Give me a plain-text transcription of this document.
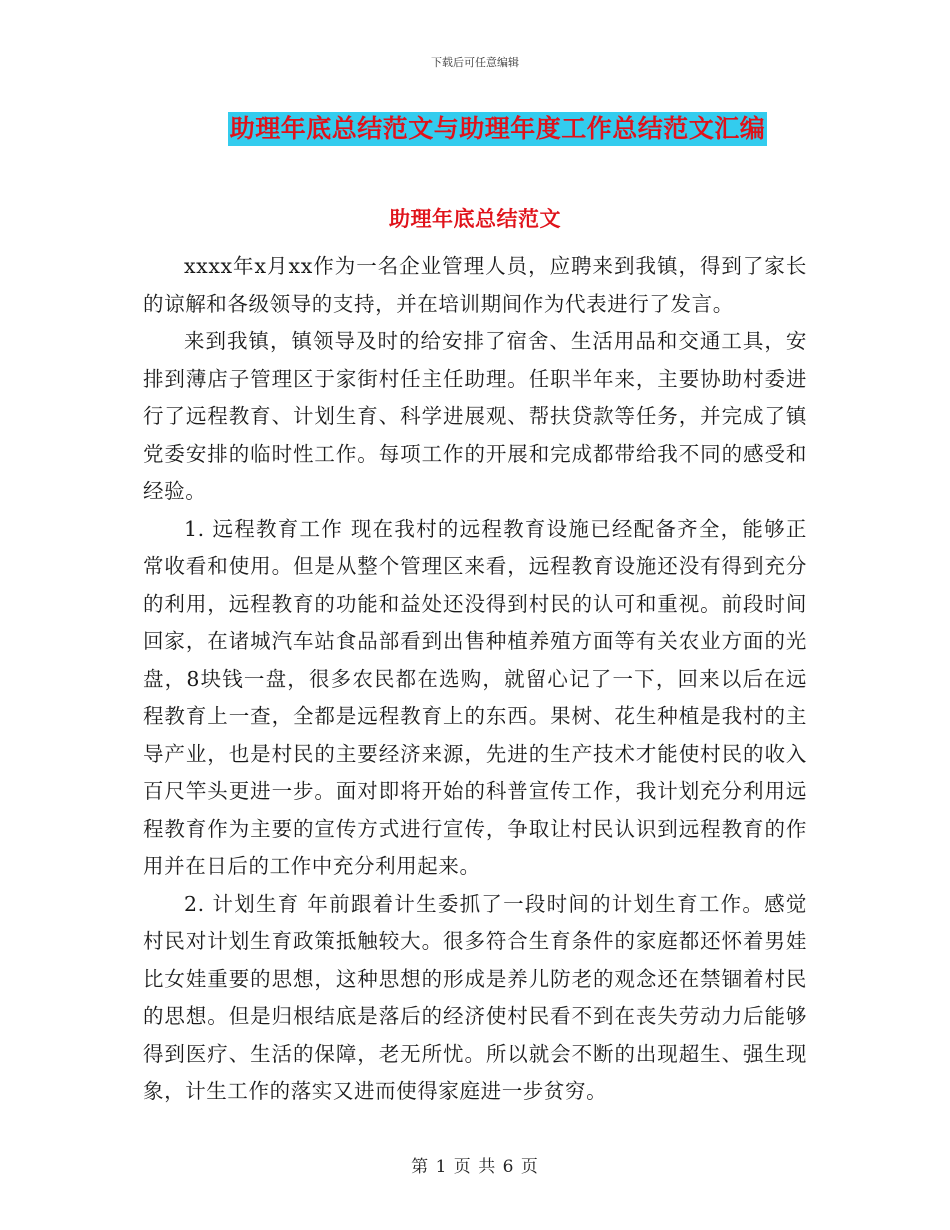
下载后可任意编辑
助理年底总结范文与助理年度工作总结范文汇编
助理年底总结范文

xxxx年x月xx作为一名企业管理人员，应聘来到我镇，得到了家长的谅解和各级领导的支持，并在培训期间作为代表进行了发言。

来到我镇，镇领导及时的给安排了宿舍、生活用品和交通工具，安排到薄店子管理区于家街村任主任助理。任职半年来，主要协助村委进行了远程教育、计划生育、科学进展观、帮扶贷款等任务，并完成了镇党委安排的临时性工作。每项工作的开展和完成都带给我不同的感受和经验。

1. 远程教育工作 现在我村的远程教育设施已经配备齐全，能够正常收看和使用。但是从整个管理区来看，远程教育设施还没有得到充分的利用，远程教育的功能和益处还没得到村民的认可和重视。前段时间回家，在诸城汽车站食品部看到出售种植养殖方面等有关农业方面的光盘，8块钱一盘，很多农民都在选购，就留心记了一下，回来以后在远程教育上一查，全都是远程教育上的东西。果树、花生种植是我村的主导产业，也是村民的主要经济来源，先进的生产技术才能使村民的收入百尺竿头更进一步。面对即将开始的科普宣传工作，我计划充分利用远程教育作为主要的宣传方式进行宣传，争取让村民认识到远程教育的作用并在日后的工作中充分利用起来。

2. 计划生育 年前跟着计生委抓了一段时间的计划生育工作。感觉村民对计划生育政策抵触较大。很多符合生育条件的家庭都还怀着男娃比女娃重要的思想，这种思想的形成是养儿防老的观念还在禁锢着村民的思想。但是归根结底是落后的经济使村民看不到在丧失劳动力后能够得到医疗、生活的保障，老无所忧。所以就会不断的出现超生、强生现象，计生工作的落实又进而使得家庭进一步贫穷。

第 1 页 共 6 页
